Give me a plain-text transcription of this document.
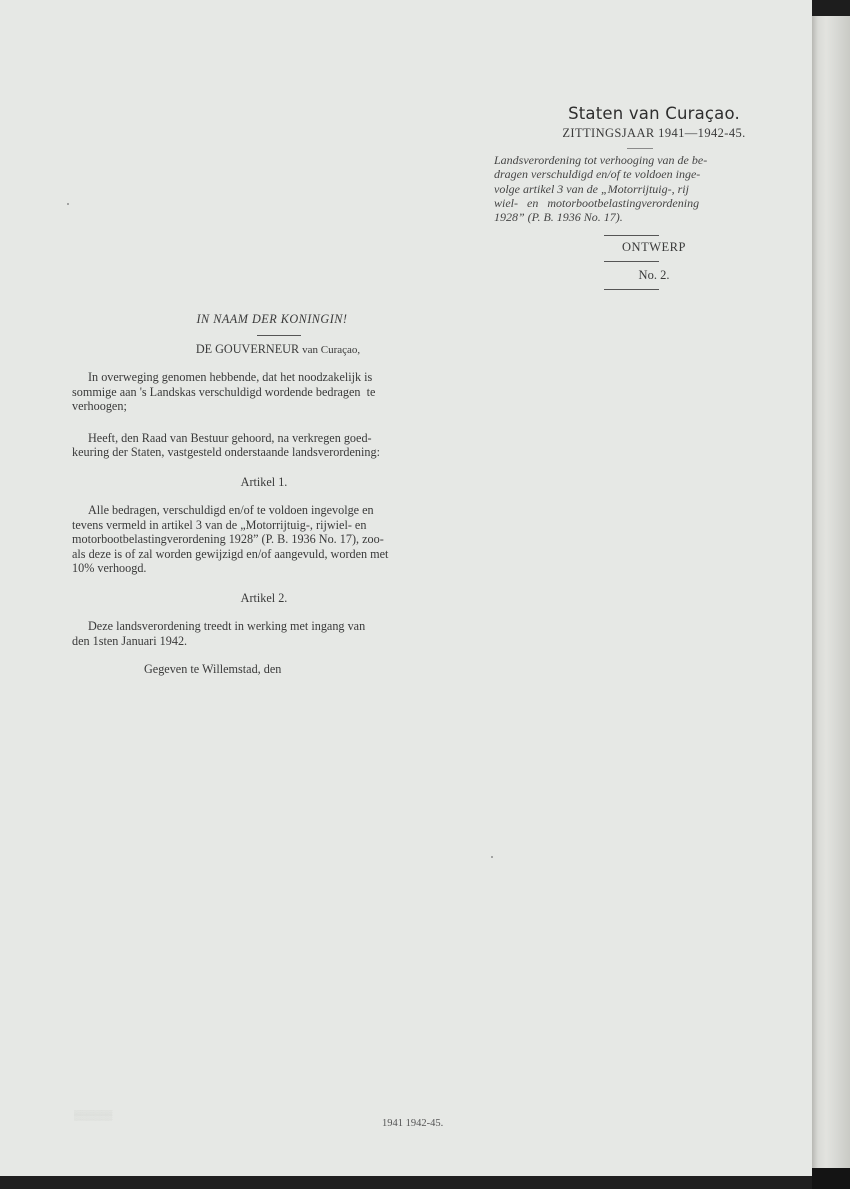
Staten van Curaçao.
ZITTINGSJAAR 1941—1942-45.
Landsverordening tot verhooging van de be-
dragen verschuldigd en/of te voldoen inge-
volge artikel 3 van de „Motorrijtuig-, rij
wiel-   en   motorbootbelastingverordening
1928” (P. B. 1936 No. 17).
ONTWERP
No. 2.
IN NAAM DER KONINGIN!
DE GOUVERNEUR van Curaçao,
In overweging genomen hebbende, dat het noodzakelijk is
sommige aan 's Landskas verschuldigd wordende bedragen  te
verhoogen;
Heeft, den Raad van Bestuur gehoord, na verkregen goed-
keuring der Staten, vastgesteld onderstaande landsverordening:
Artikel 1.
Alle bedragen, verschuldigd en/of te voldoen ingevolge en
tevens vermeld in artikel 3 van de „Motorrijtuig-, rijwiel- en
motorbootbelastingverordening 1928” (P. B. 1936 No. 17), zoo-
als deze is of zal worden gewijzigd en/of aangevuld, worden met
10% verhoogd.
Artikel 2.
Deze landsverordening treedt in werking met ingang van
den 1sten Januari 1942.
Gegeven te Willemstad, den
▒▒▒▒▒▒
1941 1942-45.
